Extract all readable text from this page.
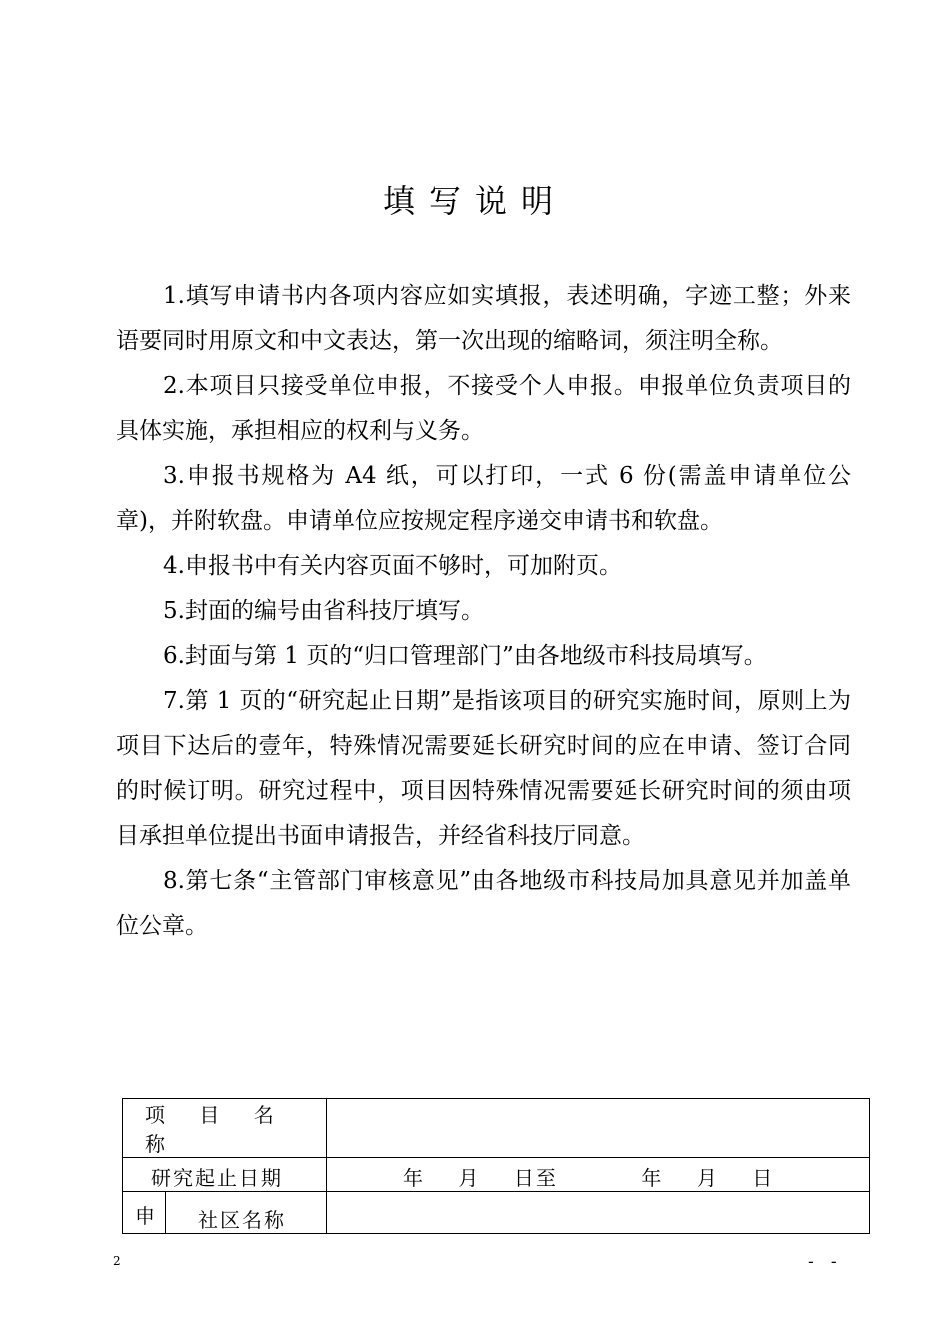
填写说明

1.填写申请书内各项内容应如实填报，表述明确，字迹工整；外来语要同时用原文和中文表达，第一次出现的缩略词，须注明全称。

2.本项目只接受单位申报，不接受个人申报。申报单位负责项目的具体实施，承担相应的权利与义务。

3.申报书规格为 A4 纸，可以打印，一式 6 份(需盖申请单位公章)，并附软盘。申请单位应按规定程序递交申请书和软盘。

4.申报书中有关内容页面不够时，可加附页。

5.封面的编号由省科技厅填写。

6.封面与第 1 页的“归口管理部门”由各地级市科技局填写。

7.第 1 页的“研究起止日期”是指该项目的研究实施时间，原则上为项目下达后的壹年，特殊情况需要延长研究时间的应在申请、签订合同的时候订明。研究过程中，项目因特殊情况需要延长研究时间的须由项目承担单位提出书面申请报告，并经省科技厅同意。

8.第七条“主管部门审核意见”由各地级市科技局加具意见并加盖单位公章。

项 目 名 称		

研究起止日期		年    月    日至          年    月    日

申	社区名称	

2	- -
